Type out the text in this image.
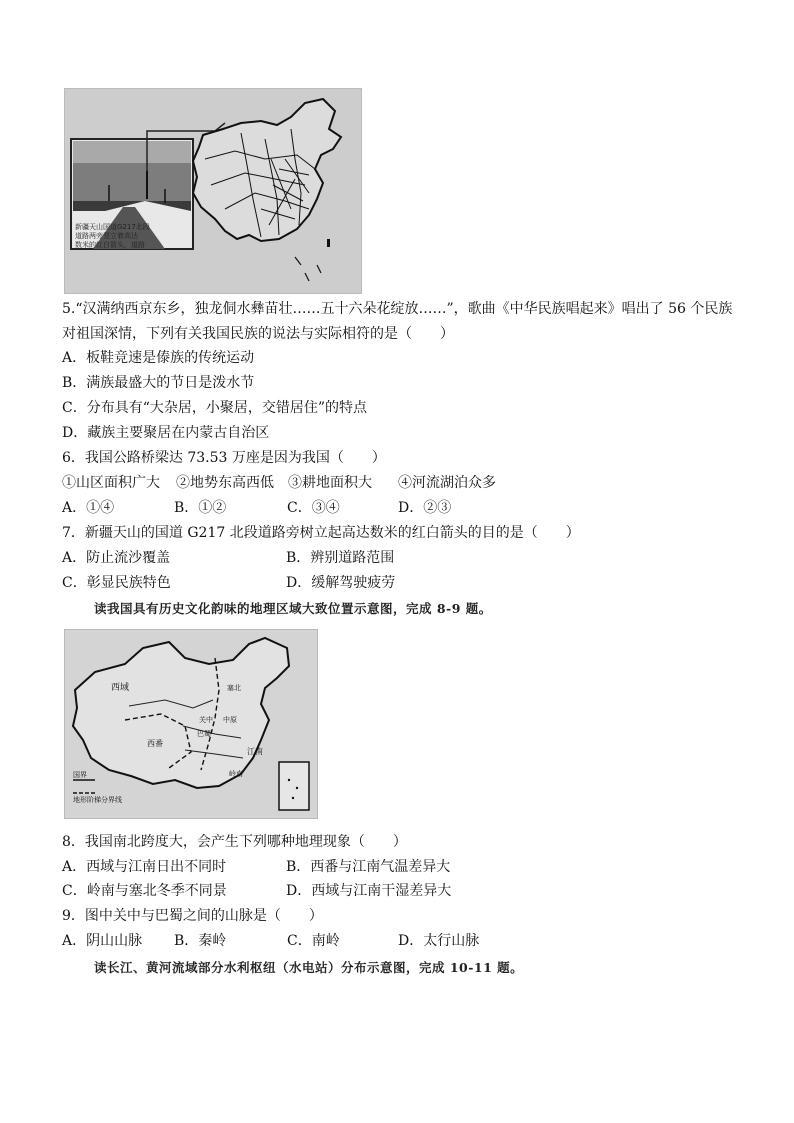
新疆天山国道G217北段
道路两旁竖立着高达
数米的红白箭头，道路
5.“汉满纳西京东乡，独龙侗水彝苗壮……五十六朵花绽放……”，歌曲《中华民族唱起来》唱出了 56 个民族
对祖国深情，下列有关我国民族的说法与实际相符的是（　　）
A．板鞋竞速是傣族的传统运动
B．满族最盛大的节日是泼水节
C．分布具有“大杂居，小聚居，交错居住”的特点
D．藏族主要聚居在内蒙古自治区
6．我国公路桥梁达 73.53 万座是因为我国（　　）
①山区面积广大 ②地势东高西低 ③耕地面积大 ④河流湖泊众多
A．①④	B．①②	C．③④	D．②③
7．新疆天山的国道 G217 北段道路旁树立起高达数米的红白箭头的目的是（　　）
A．防止流沙覆盖	B．辨别道路范围
C．彰显民族特色	D．缓解驾驶疲劳
读我国具有历史文化韵味的地理区域大致位置示意图，完成 8-9 题。
西域	塞北
关中 中原
巴蜀
西番
江南
岭南
国界
地形阶梯分界线
8．我国南北跨度大，会产生下列哪种地理现象（　　）
A．西域与江南日出不同时	B．西番与江南气温差异大
C．岭南与塞北冬季不同景	D．西域与江南干湿差异大
9．图中关中与巴蜀之间的山脉是（　　）
A．阴山山脉 B．秦岭	C．南岭	D．太行山脉
读长江、黄河流域部分水利枢纽（水电站）分布示意图，完成 10-11 题。
